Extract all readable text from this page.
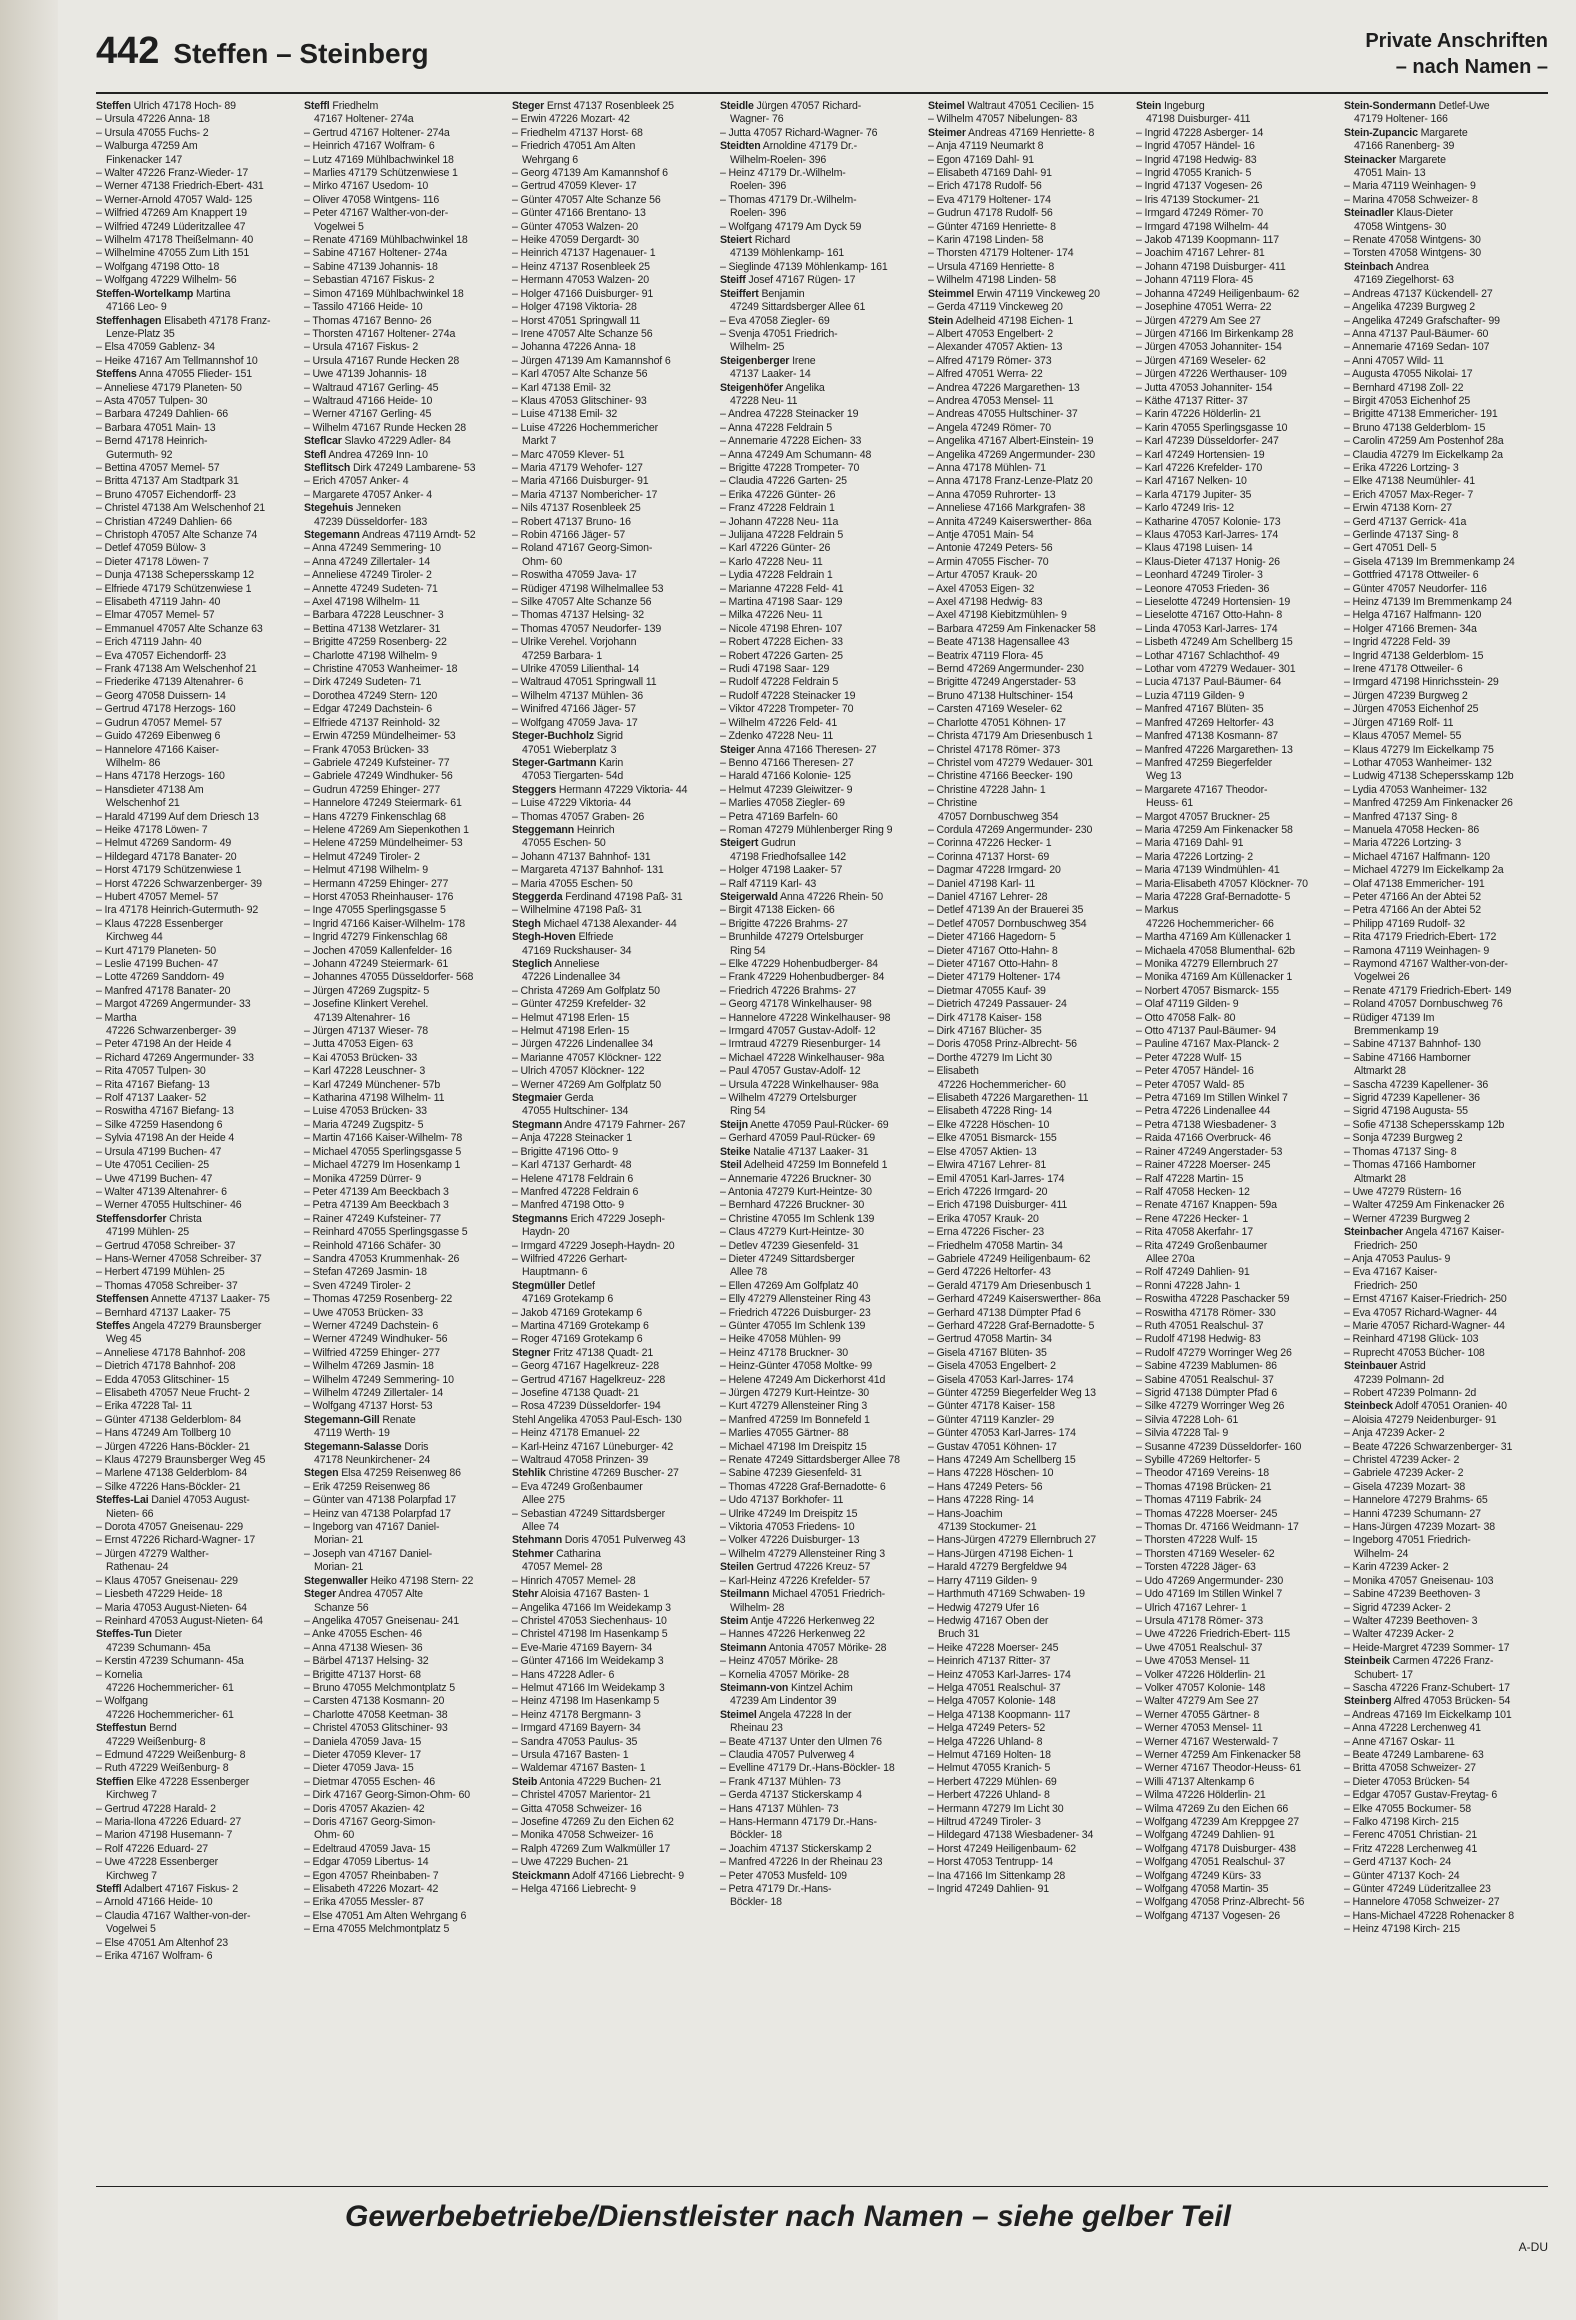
442 Steffen – Steinberg	Private Anschriften
– nach Namen –
Steffen Ulrich 47178 Hoch- 89
– Ursula 47226 Anna- 18
– Ursula 47055 Fuchs- 2
– Walburga 47259 Am
Finkenacker 147
– Walter 47226 Franz-Wieder- 17
– Werner 47138 Friedrich-Ebert- 431
– Werner-Arnold 47057 Wald- 125
– Wilfried 47269 Am Knappert 19
– Wilfried 47249 Lüderitzallee 47
– Wilhelm 47178 Theißelmann- 40
– Wilhelmine 47055 Zum Lith 151
– Wolfgang 47198 Otto- 18
– Wolfgang 47229 Wilhelm- 56
Steffen-Wortelkamp Martina
47166 Leo- 9
Steffenhagen Elisabeth 47178 Franz-
Lenze-Platz 35
– Elsa 47059 Gablenz- 34
– Heike 47167 Am Tellmannshof 10
Steffens Anna 47055 Flieder- 151
– Anneliese 47179 Planeten- 50
– Asta 47057 Tulpen- 30
– Barbara 47249 Dahlien- 66
– Barbara 47051 Main- 13
– Bernd 47178 Heinrich-
Gutermuth- 92
– Bettina 47057 Memel- 57
– Britta 47137 Am Stadtpark 31
– Bruno 47057 Eichendorff- 23
– Christel 47138 Am Welschenhof 21
– Christian 47249 Dahlien- 66
– Christoph 47057 Alte Schanze 74
– Detlef 47059 Bülow- 3
– Dieter 47178 Löwen- 7
– Dunja 47138 Schepersskamp 12
– Elfriede 47179 Schützenwiese 1
– Elisabeth 47119 Jahn- 40
– Elmar 47057 Memel- 57
– Emmanuel 47057 Alte Schanze 63
– Erich 47119 Jahn- 40
– Eva 47057 Eichendorff- 23
– Frank 47138 Am Welschenhof 21
– Friederike 47139 Altenahrer- 6
– Georg 47058 Duissern- 14
– Gertrud 47178 Herzogs- 160
– Gudrun 47057 Memel- 57
– Guido 47269 Eibenweg 6
– Hannelore 47166 Kaiser-
Wilhelm- 86
– Hans 47178 Herzogs- 160
– Hansdieter 47138 Am
Welschenhof 21
– Harald 47199 Auf dem Driesch 13
– Heike 47178 Löwen- 7
– Helmut 47269 Sandorm- 49
– Hildegard 47178 Banater- 20
– Horst 47179 Schützenwiese 1
– Horst 47226 Schwarzenberger- 39
– Hubert 47057 Memel- 57
– Ira 47178 Heinrich-Gutermuth- 92
– Klaus 47228 Essenberger
Kirchweg 44
– Kurt 47179 Planeten- 50
– Leslie 47199 Buchen- 47
– Lotte 47269 Sanddorn- 49
– Manfred 47178 Banater- 20
– Margot 47269 Angermunder- 33
– Martha
47226 Schwarzenberger- 39
– Peter 47198 An der Heide 4
– Richard 47269 Angermunder- 33
– Rita 47057 Tulpen- 30
– Rita 47167 Biefang- 13
– Rolf 47137 Laaker- 52
– Roswitha 47167 Biefang- 13
– Silke 47259 Hasendong 6
– Sylvia 47198 An der Heide 4
– Ursula 47199 Buchen- 47
– Ute 47051 Cecilien- 25
– Uwe 47199 Buchen- 47
– Walter 47139 Altenahrer- 6
– Werner 47055 Hultschiner- 46
Steffensdorfer Christa
47199 Mühlen- 25
– Gertrud 47058 Schreiber- 37
– Hans-Werner 47058 Schreiber- 37
– Herbert 47199 Mühlen- 25
– Thomas 47058 Schreiber- 37
Steffensen Annette 47137 Laaker- 75
– Bernhard 47137 Laaker- 75
Steffes Angela 47279 Braunsberger
Weg 45
– Anneliese 47178 Bahnhof- 208
– Dietrich 47178 Bahnhof- 208
– Edda 47053 Glitschiner- 15
– Elisabeth 47057 Neue Frucht- 2
– Erika 47228 Tal- 11
– Günter 47138 Gelderblom- 84
– Hans 47249 Am Tollberg 10
– Jürgen 47226 Hans-Böckler- 21
– Klaus 47279 Braunsberger Weg 45
– Marlene 47138 Gelderblom- 84
– Silke 47226 Hans-Böckler- 21
Steffes-Lai Daniel 47053 August-
Nieten- 66
– Dorota 47057 Gneisenau- 229
– Ernst 47226 Richard-Wagner- 17
– Jürgen 47279 Walther-
Rathenau- 24
– Klaus 47057 Gneisenau- 229
– Liesbeth 47229 Heide- 18
– Maria 47053 August-Nieten- 64
– Reinhard 47053 August-Nieten- 64
Steffes-Tun Dieter
47239 Schumann- 45a
– Kerstin 47239 Schumann- 45a
– Kornelia
47226 Hochemmericher- 61
– Wolfgang
47226 Hochemmericher- 61
Steffestun Bernd
47229 Weißenburg- 8
– Edmund 47229 Weißenburg- 8
– Ruth 47229 Weißenburg- 8
Steffien Elke 47228 Essenberger
Kirchweg 7
– Gertrud 47228 Harald- 2
– Maria-Ilona 47226 Eduard- 27
– Marion 47198 Husemann- 7
– Rolf 47226 Eduard- 27
– Uwe 47228 Essenberger
Kirchweg 7
Steffl Adalbert 47167 Fiskus- 2
– Arnold 47166 Heide- 10
– Claudia 47167 Walther-von-der-
Vogelwei 5
– Else 47051 Am Altenhof 23
– Erika 47167 Wolfram- 6
Steffl Friedhelm
47167 Holtener- 274a
– Gertrud 47167 Holtener- 274a
– Heinrich 47167 Wolfram- 6
– Lutz 47169 Mühlbachwinkel 18
– Marlies 47179 Schützenwiese 1
– Mirko 47167 Usedom- 10
– Oliver 47058 Wintgens- 116
– Peter 47167 Walther-von-der-
Vogelwei 5
– Renate 47169 Mühlbachwinkel 18
– Sabine 47167 Holtener- 274a
– Sabine 47139 Johannis- 18
– Sebastian 47167 Fiskus- 2
– Simon 47169 Mühlbachwinkel 18
– Tassilo 47166 Heide- 10
– Thomas 47167 Benno- 26
– Thorsten 47167 Holtener- 274a
– Ursula 47167 Fiskus- 2
– Ursula 47167 Runde Hecken 28
– Uwe 47139 Johannis- 18
– Waltraud 47167 Gerling- 45
– Waltraud 47166 Heide- 10
– Werner 47167 Gerling- 45
– Wilhelm 47167 Runde Hecken 28
Steflcar Slavko 47229 Adler- 84
Stefl Andrea 47269 Inn- 10
Steflitsch Dirk 47249 Lambarene- 53
– Erich 47057 Anker- 4
– Margarete 47057 Anker- 4
Stegehuis Jenneken
47239 Düsseldorfer- 183
Stegemann Andreas 47119 Arndt- 52
– Anna 47249 Semmering- 10
– Anna 47249 Zillertaler- 14
– Anneliese 47249 Tiroler- 2
– Annette 47249 Sudeten- 71
– Axel 47198 Wilhelm- 11
– Barbara 47228 Leuschner- 3
– Bettina 47138 Wetzlarer- 31
– Brigitte 47259 Rosenberg- 22
– Charlotte 47198 Wilhelm- 9
– Christine 47053 Wanheimer- 18
– Dirk 47249 Sudeten- 71
– Dorothea 47249 Stern- 120
– Edgar 47249 Dachstein- 6
– Elfriede 47137 Reinhold- 32
– Erwin 47259 Mündelheimer- 53
– Frank 47053 Brücken- 33
– Gabriele 47249 Kufsteiner- 77
– Gabriele 47249 Windhuker- 56
– Gudrun 47259 Ehinger- 277
– Hannelore 47249 Steiermark- 61
– Hans 47279 Finkenschlag 68
– Helene 47269 Am Siepenkothen 1
– Helene 47259 Mündelheimer- 53
– Helmut 47249 Tiroler- 2
– Helmut 47198 Wilhelm- 9
– Hermann 47259 Ehinger- 277
– Horst 47053 Rheinhauser- 176
– Inge 47055 Sperlingsgasse 5
– Ingrid 47166 Kaiser-Wilhelm- 178
– Ingrid 47279 Finkenschlag 68
– Jochen 47059 Kallenfelder- 16
– Johann 47249 Steiermark- 61
– Johannes 47055 Düsseldorfer- 568
– Jürgen 47269 Zugspitz- 5
– Josefine Klinkert Verehel.
47139 Altenahrer- 16
– Jürgen 47137 Wieser- 78
– Jutta 47053 Eigen- 63
– Kai 47053 Brücken- 33
– Karl 47228 Leuschner- 3
– Karl 47249 Münchener- 57b
– Katharina 47198 Wilhelm- 11
– Luise 47053 Brücken- 33
– Maria 47249 Zugspitz- 5
– Martin 47166 Kaiser-Wilhelm- 78
– Michael 47055 Sperlingsgasse 5
– Michael 47279 Im Hosenkamp 1
– Monika 47259 Dürrer- 9
– Peter 47139 Am Beeckbach 3
– Petra 47139 Am Beeckbach 3
– Rainer 47249 Kufsteiner- 77
– Reinhard 47055 Sperlingsgasse 5
– Reinhold 47166 Schäfer- 30
– Sandra 47053 Krummenhak- 26
– Stefan 47269 Jasmin- 18
– Sven 47249 Tiroler- 2
– Thomas 47259 Rosenberg- 22
– Uwe 47053 Brücken- 33
– Werner 47249 Dachstein- 6
– Werner 47249 Windhuker- 56
– Wilfried 47259 Ehinger- 277
– Wilhelm 47269 Jasmin- 18
– Wilhelm 47249 Semmering- 10
– Wilhelm 47249 Zillertaler- 14
– Wolfgang 47137 Horst- 53
Stegemann-Gill Renate
47119 Werth- 19
Stegemann-Salasse Doris
47178 Neunkirchener- 24
Stegen Elsa 47259 Reisenweg 86
– Erik 47259 Reisenweg 86
– Günter van 47138 Polarpfad 17
– Heinz van 47138 Polarpfad 17
– Ingeborg van 47167 Daniel-
Morian- 21
– Joseph van 47167 Daniel-
Morian- 21
Stegenwaller Heiko 47198 Stern- 22
Steger Andrea 47057 Alte
Schanze 56
– Angelika 47057 Gneisenau- 241
– Anke 47055 Eschen- 46
– Anna 47138 Wiesen- 36
– Bärbel 47137 Helsing- 32
– Brigitte 47137 Horst- 68
– Bruno 47055 Melchmontplatz 5
– Carsten 47138 Kosmann- 20
– Charlotte 47058 Keetman- 38
– Christel 47053 Glitschiner- 93
– Daniela 47059 Java- 15
– Dieter 47059 Klever- 17
– Dieter 47059 Java- 15
– Dietmar 47055 Eschen- 46
– Dirk 47167 Georg-Simon-Ohm- 60
– Doris 47057 Akazien- 42
– Doris 47167 Georg-Simon-
Ohm- 60
– Edeltraud 47059 Java- 15
– Edgar 47059 Libertus- 14
– Egon 47057 Rheinbaben- 7
– Elisabeth 47226 Mozart- 42
– Erika 47055 Messler- 87
– Else 47051 Am Alten Wehrgang 6
– Erna 47055 Melchmontplatz 5
Steger Ernst 47137 Rosenbleek 25
– Erwin 47226 Mozart- 42
– Friedhelm 47137 Horst- 68
– Friedrich 47051 Am Alten
Wehrgang 6
– Georg 47139 Am Kamannshof 6
– Gertrud 47059 Klever- 17
– Günter 47057 Alte Schanze 56
– Günter 47166 Brentano- 13
– Günter 47053 Walzen- 20
– Heike 47059 Dergardt- 30
– Heinrich 47137 Hagenauer- 1
– Heinz 47137 Rosenbleek 25
– Hermann 47053 Walzen- 20
– Holger 47166 Duisburger- 91
– Holger 47198 Viktoria- 28
– Horst 47051 Springwall 11
– Irene 47057 Alte Schanze 56
– Johanna 47226 Anna- 18
– Jürgen 47139 Am Kamannshof 6
– Karl 47057 Alte Schanze 56
– Karl 47138 Emil- 32
– Klaus 47053 Glitschiner- 93
– Luise 47138 Emil- 32
– Luise 47226 Hochemmericher
Markt 7
– Marc 47059 Klever- 51
– Maria 47179 Wehofer- 127
– Maria 47166 Duisburger- 91
– Maria 47137 Nombericher- 17
– Nils 47137 Rosenbleek 25
– Robert 47137 Bruno- 16
– Robin 47166 Jäger- 57
– Roland 47167 Georg-Simon-
Ohm- 60
– Roswitha 47059 Java- 17
– Rüdiger 47198 Wilhelmallee 53
– Silke 47057 Alte Schanze 56
– Thomas 47137 Helsing- 32
– Thomas 47057 Neudorfer- 139
– Ulrike Verehel. Vorjohann
47259 Barbara- 1
– Ulrike 47059 Lilienthal- 14
– Waltraud 47051 Springwall 11
– Wilhelm 47137 Mühlen- 36
– Winifred 47166 Jäger- 57
– Wolfgang 47059 Java- 17
Steger-Buchholz Sigrid
47051 Wieberplatz 3
Steger-Gartmann Karin
47053 Tiergarten- 54d
Steggers Hermann 47229 Viktoria- 44
– Luise 47229 Viktoria- 44
– Thomas 47057 Graben- 26
Steggemann Heinrich
47055 Eschen- 50
– Johann 47137 Bahnhof- 131
– Margareta 47137 Bahnhof- 131
– Maria 47055 Eschen- 50
Steggerda Ferdinand 47198 Paß- 31
– Wilhelmine 47198 Paß- 31
Stegh Michael 47138 Alexander- 44
Stegh-Hoven Elfriede
47169 Ruckshauser- 34
Steglich Anneliese
47226 Lindenallee 34
– Christa 47269 Am Golfplatz 50
– Günter 47259 Krefelder- 32
– Helmut 47198 Erlen- 15
– Helmut 47198 Erlen- 15
– Jürgen 47226 Lindenallee 34
– Marianne 47057 Klöckner- 122
– Ulrich 47057 Klöckner- 122
– Werner 47269 Am Golfplatz 50
Stegmaier Gerda
47055 Hultschiner- 134
Stegmann Andre 47179 Fahrner- 267
– Anja 47228 Steinacker 1
– Brigitte 47196 Otto- 9
– Karl 47137 Gerhardt- 48
– Helene 47178 Feldrain 6
– Manfred 47228 Feldrain 6
– Manfred 47198 Otto- 9
Stegmanns Erich 47229 Joseph-
Haydn- 20
– Irmgard 47229 Joseph-Haydn- 20
– Wilfried 47226 Gerhart-
Hauptmann- 6
Stegmüller Detlef
47169 Grotekamp 6
– Jakob 47169 Grotekamp 6
– Martina 47169 Grotekamp 6
– Roger 47169 Grotekamp 6
Stegner Fritz 47138 Quadt- 21
– Georg 47167 Hagelkreuz- 228
– Gertrud 47167 Hagelkreuz- 228
– Josefine 47138 Quadt- 21
– Rosa 47239 Düsseldorfer- 194
Stehl Angelika 47053 Paul-Esch- 130
– Heinz 47178 Emanuel- 22
– Karl-Heinz 47167 Lüneburger- 42
– Waltraud 47058 Prinzen- 39
Stehlik Christine 47269 Buscher- 27
– Eva 47249 Großenbaumer
Allee 275
– Sebastian 47249 Sittardsberger
Allee 74
Stehmann Doris 47051 Pulverweg 43
Stehmer Catharina
47057 Memel- 28
– Hinrich 47057 Memel- 28
Stehr Aloisia 47167 Basten- 1
– Angelika 47166 Im Weidekamp 3
– Christel 47053 Siechenhaus- 10
– Christel 47198 Im Hasenkamp 5
– Eve-Marie 47169 Bayern- 34
– Günter 47166 Im Weidekamp 3
– Hans 47228 Adler- 6
– Helmut 47166 Im Weidekamp 3
– Heinz 47198 Im Hasenkamp 5
– Heinz 47178 Bergmann- 3
– Irmgard 47169 Bayern- 34
– Sandra 47053 Paulus- 35
– Ursula 47167 Basten- 1
– Waldemar 47167 Basten- 1
Steib Antonia 47229 Buchen- 21
– Christel 47057 Marientor- 21
– Gitta 47058 Schweizer- 16
– Josefine 47269 Zu den Eichen 62
– Monika 47058 Schweizer- 16
– Ralph 47269 Zum Walkmüller 17
– Uwe 47229 Buchen- 21
Steickmann Adolf 47166 Liebrecht- 9
– Helga 47166 Liebrecht- 9
Steidle Jürgen 47057 Richard-
Wagner- 76
– Jutta 47057 Richard-Wagner- 76
Steidten Arnoldine 47179 Dr.-
Wilhelm-Roelen- 396
– Heinz 47179 Dr.-Wilhelm-
Roelen- 396
– Thomas 47179 Dr.-Wilhelm-
Roelen- 396
– Wolfgang 47179 Am Dyck 59
Steiert Richard
47139 Möhlenkamp- 161
– Sieglinde 47139 Möhlenkamp- 161
Steiff Josef 47167 Rügen- 17
Steiffert Benjamin
47249 Sittardsberger Allee 61
– Eva 47058 Ziegler- 69
– Svenja 47051 Friedrich-
Wilhelm- 25
Steigenberger Irene
47137 Laaker- 14
Steigenhöfer Angelika
47228 Neu- 11
– Andrea 47228 Steinacker 19
– Anna 47228 Feldrain 5
– Annemarie 47228 Eichen- 33
– Anna 47249 Am Schumann- 48
– Brigitte 47228 Trompeter- 70
– Claudia 47226 Garten- 25
– Erika 47226 Günter- 26
– Franz 47228 Feldrain 1
– Johann 47228 Neu- 11a
– Julijana 47228 Feldrain 5
– Karl 47226 Günter- 26
– Karlo 47228 Neu- 11
– Lydia 47228 Feldrain 1
– Marianne 47228 Feld- 41
– Martina 47198 Saar- 129
– Milka 47226 Neu- 11
– Nicole 47198 Ehren- 107
– Robert 47228 Eichen- 33
– Robert 47226 Garten- 25
– Rudi 47198 Saar- 129
– Rudolf 47228 Feldrain 5
– Rudolf 47228 Steinacker 19
– Viktor 47228 Trompeter- 70
– Wilhelm 47226 Feld- 41
– Zdenko 47228 Neu- 11
Steiger Anna 47166 Theresen- 27
– Benno 47166 Theresen- 27
– Harald 47166 Kolonie- 125
– Helmut 47239 Gleiwitzer- 9
– Marlies 47058 Ziegler- 69
– Petra 47169 Barfeln- 60
– Roman 47279 Mühlenberger Ring 9
Steigert Gudrun
47198 Friedhofsallee 142
– Holger 47198 Laaker- 57
– Ralf 47119 Karl- 43
Steigerwald Anna 47226 Rhein- 50
– Birgit 47138 Eicken- 66
– Brigitte 47226 Brahms- 27
– Brunhilde 47279 Ortelsburger
Ring 54
– Elke 47229 Hohenbudberger- 84
– Frank 47229 Hohenbudberger- 84
– Friedrich 47226 Brahms- 27
– Georg 47178 Winkelhauser- 98
– Hannelore 47228 Winkelhauser- 98
– Irmgard 47057 Gustav-Adolf- 12
– Irmtraud 47279 Riesenburger- 14
– Michael 47228 Winkelhauser- 98a
– Paul 47057 Gustav-Adolf- 12
– Ursula 47228 Winkelhauser- 98a
– Wilhelm 47279 Ortelsburger
Ring 54
Steijn Anette 47059 Paul-Rücker- 69
– Gerhard 47059 Paul-Rücker- 69
Steike Natalie 47137 Laaker- 31
Steil Adelheid 47259 Im Bonnefeld 1
– Annemarie 47226 Bruckner- 30
– Antonia 47279 Kurt-Heintze- 30
– Bernhard 47226 Bruckner- 30
– Christine 47055 Im Schlenk 139
– Claus 47279 Kurt-Heintze- 30
– Detlev 47239 Giesenfeld- 31
– Dieter 47249 Sittardsberger
Allee 78
– Ellen 47269 Am Golfplatz 40
– Elly 47279 Allensteiner Ring 43
– Friedrich 47226 Duisburger- 23
– Günter 47055 Im Schlenk 139
– Heike 47058 Mühlen- 99
– Heinz 47178 Bruckner- 30
– Heinz-Günter 47058 Moltke- 99
– Helene 47249 Am Dickerhorst 41d
– Jürgen 47279 Kurt-Heintze- 30
– Kurt 47279 Allensteiner Ring 3
– Manfred 47259 Im Bonnefeld 1
– Marlies 47055 Gärtner- 88
– Michael 47198 Im Dreispitz 15
– Renate 47249 Sittardsberger Allee 78
– Sabine 47239 Giesenfeld- 31
– Thomas 47228 Graf-Bernadotte- 6
– Udo 47137 Borkhofer- 11
– Ulrike 47249 Im Dreispitz 15
– Viktoria 47053 Friedens- 10
– Volker 47226 Duisburger- 13
– Wilhelm 47279 Allensteiner Ring 3
Steilen Gertrud 47226 Kreuz- 57
– Karl-Heinz 47226 Krefelder- 57
Steilmann Michael 47051 Friedrich-
Wilhelm- 28
Steim Antje 47226 Herkenweg 22
– Hannes 47226 Herkenweg 22
Steimann Antonia 47057 Mörike- 28
– Heinz 47057 Mörike- 28
– Kornelia 47057 Mörike- 28
Steimann-von Kintzel Achim
47239 Am Lindentor 39
Steimel Angela 47228 In der
Rheinau 23
– Beate 47137 Unter den Ulmen 76
– Claudia 47057 Pulverweg 4
– Evelline 47179 Dr.-Hans-Böckler- 18
– Frank 47137 Mühlen- 73
– Gerda 47137 Stickerskamp 4
– Hans 47137 Mühlen- 73
– Hans-Hermann 47179 Dr.-Hans-
Böckler- 18
– Joachim 47137 Stickerskamp 2
– Manfred 47226 In der Rheinau 23
– Peter 47053 Musfeld- 109
– Petra 47179 Dr.-Hans-
Böckler- 18
Steimel Waltraut 47051 Cecilien- 15
– Wilhelm 47057 Nibelungen- 83
Steimer Andreas 47169 Henriette- 8
– Anja 47119 Neumarkt 8
– Egon 47169 Dahl- 91
– Elisabeth 47169 Dahl- 91
– Erich 47178 Rudolf- 56
– Eva 47179 Holtener- 174
– Gudrun 47178 Rudolf- 56
– Günter 47169 Henriette- 8
– Karin 47198 Linden- 58
– Thorsten 47179 Holtener- 174
– Ursula 47169 Henriette- 8
– Wilhelm 47198 Linden- 58
Steimmel Erwin 47119 Vinckeweg 20
– Gerda 47119 Vinckeweg 20
Stein Adelheid 47198 Eichen- 1
– Albert 47053 Engelbert- 2
– Alexander 47057 Aktien- 13
– Alfred 47179 Römer- 373
– Alfred 47051 Werra- 22
– Andrea 47226 Margarethen- 13
– Andrea 47053 Mensel- 11
– Andreas 47055 Hultschiner- 37
– Angela 47249 Römer- 70
– Angelika 47167 Albert-Einstein- 19
– Angelika 47269 Angermunder- 230
– Anna 47178 Mühlen- 71
– Anna 47178 Franz-Lenze-Platz 20
– Anna 47059 Ruhrorter- 13
– Anneliese 47166 Markgrafen- 38
– Annita 47249 Kaiserswerther- 86a
– Antje 47051 Main- 54
– Antonie 47249 Peters- 56
– Armin 47055 Fischer- 70
– Artur 47057 Krauk- 20
– Axel 47053 Eigen- 32
– Axel 47198 Hedwig- 83
– Axel 47198 Kiebitzmühlen- 9
– Barbara 47259 Am Finkenacker 58
– Beate 47138 Hagensallee 43
– Beatrix 47119 Flora- 45
– Bernd 47269 Angermunder- 230
– Brigitte 47249 Angerstader- 53
– Bruno 47138 Hultschiner- 154
– Carsten 47169 Weseler- 62
– Charlotte 47051 Köhnen- 17
– Christa 47179 Am Driesenbusch 1
– Christel 47178 Römer- 373
– Christel vom 47279 Wedauer- 301
– Christine 47166 Beecker- 190
– Christine 47228 Jahn- 1
– Christine
47057 Dornbuschweg 354
– Cordula 47269 Angermunder- 230
– Corinna 47226 Hecker- 1
– Corinna 47137 Horst- 69
– Dagmar 47228 Irmgard- 20
– Daniel 47198 Karl- 11
– Daniel 47167 Lehrer- 28
– Detlef 47139 An der Brauerei 35
– Detlef 47057 Dornbuschweg 354
– Dieter 47166 Hagedorn- 5
– Dieter 47167 Otto-Hahn- 8
– Dieter 47167 Otto-Hahn- 8
– Dieter 47179 Holtener- 174
– Dietmar 47055 Kauf- 39
– Dietrich 47249 Passauer- 24
– Dirk 47178 Kaiser- 158
– Dirk 47167 Blücher- 35
– Doris 47058 Prinz-Albrecht- 56
– Dorthe 47279 Im Licht 30
– Elisabeth
47226 Hochemmericher- 60
– Elisabeth 47226 Margarethen- 11
– Elisabeth 47228 Ring- 14
– Elke 47228 Höschen- 10
– Elke 47051 Bismarck- 155
– Else 47057 Aktien- 13
– Elwira 47167 Lehrer- 81
– Emil 47051 Karl-Jarres- 174
– Erich 47226 Irmgard- 20
– Erich 47198 Duisburger- 411
– Erika 47057 Krauk- 20
– Erna 47226 Fischer- 23
– Friedhelm 47058 Martin- 34
– Gabriele 47249 Heiligenbaum- 62
– Gerd 47226 Heltorfer- 43
– Gerald 47179 Am Driesenbusch 1
– Gerhard 47249 Kaiserswerther- 86a
– Gerhard 47138 Dümpter Pfad 6
– Gerhard 47228 Graf-Bernadotte- 5
– Gertrud 47058 Martin- 34
– Gisela 47167 Blüten- 35
– Gisela 47053 Engelbert- 2
– Gisela 47053 Karl-Jarres- 174
– Günter 47259 Biegerfelder Weg 13
– Günter 47178 Kaiser- 158
– Günter 47119 Kanzler- 29
– Günter 47053 Karl-Jarres- 174
– Gustav 47051 Köhnen- 17
– Hans 47249 Am Schellberg 15
– Hans 47228 Höschen- 10
– Hans 47249 Peters- 56
– Hans 47228 Ring- 14
– Hans-Joachim
47139 Stockumer- 21
– Hans-Jürgen 47279 Ellernbruch 27
– Hans-Jürgen 47198 Eichen- 1
– Harald 47279 Bergfeldwe 94
– Harry 47119 Gilden- 9
– Harthmuth 47169 Schwaben- 19
– Hedwig 47279 Ufer 16
– Hedwig 47167 Oben der
Bruch 31
– Heike 47228 Moerser- 245
– Heinrich 47137 Ritter- 37
– Heinz 47053 Karl-Jarres- 174
– Helga 47051 Realschul- 37
– Helga 47057 Kolonie- 148
– Helga 47138 Koopmann- 117
– Helga 47249 Peters- 52
– Helga 47226 Uhland- 8
– Helmut 47169 Holten- 18
– Helmut 47055 Kranich- 5
– Herbert 47229 Mühlen- 69
– Herbert 47226 Uhland- 8
– Hermann 47279 Im Licht 30
– Hiltrud 47249 Tiroler- 3
– Hildegard 47138 Wiesbadener- 34
– Horst 47249 Heiligenbaum- 62
– Horst 47053 Tentrupp- 14
– Ina 47166 Im Sittenkamp 28
– Ingrid 47249 Dahlien- 91
Stein Ingeburg
47198 Duisburger- 411
– Ingrid 47228 Asberger- 14
– Ingrid 47057 Händel- 16
– Ingrid 47198 Hedwig- 83
– Ingrid 47055 Kranich- 5
– Ingrid 47137 Vogesen- 26
– Iris 47139 Stockumer- 21
– Irmgard 47249 Römer- 70
– Irmgard 47198 Wilhelm- 44
– Jakob 47139 Koopmann- 117
– Joachim 47167 Lehrer- 81
– Johann 47198 Duisburger- 411
– Johann 47119 Flora- 45
– Johanna 47249 Heiligenbaum- 62
– Josephine 47051 Werra- 22
– Jürgen 47279 Am See 27
– Jürgen 47166 Im Birkenkamp 28
– Jürgen 47053 Johanniter- 154
– Jürgen 47169 Weseler- 62
– Jürgen 47226 Werthauser- 109
– Jutta 47053 Johanniter- 154
– Käthe 47137 Ritter- 37
– Karin 47226 Hölderlin- 21
– Karin 47055 Sperlingsgasse 10
– Karl 47239 Düsseldorfer- 247
– Karl 47249 Hortensien- 19
– Karl 47226 Krefelder- 170
– Karl 47167 Nelken- 10
– Karla 47179 Jupiter- 35
– Karlo 47249 Iris- 12
– Katharine 47057 Kolonie- 173
– Klaus 47053 Karl-Jarres- 174
– Klaus 47198 Luisen- 14
– Klaus-Dieter 47137 Honig- 26
– Leonhard 47249 Tiroler- 3
– Leonore 47053 Frieden- 36
– Lieselotte 47249 Hortensien- 19
– Lieselotte 47167 Otto-Hahn- 8
– Linda 47053 Karl-Jarres- 174
– Lisbeth 47249 Am Schellberg 15
– Lothar 47167 Schlachthof- 49
– Lothar vom 47279 Wedauer- 301
– Lucia 47137 Paul-Bäumer- 64
– Luzia 47119 Gilden- 9
– Manfred 47167 Blüten- 35
– Manfred 47269 Heltorfer- 43
– Manfred 47138 Kosmann- 87
– Manfred 47226 Margarethen- 13
– Manfred 47259 Biegerfelder
Weg 13
– Margarete 47167 Theodor-
Heuss- 61
– Margot 47057 Bruckner- 25
– Maria 47259 Am Finkenacker 58
– Maria 47169 Dahl- 91
– Maria 47226 Lortzing- 2
– Maria 47139 Windmühlen- 41
– Maria-Elisabeth 47057 Klöckner- 70
– Maria 47228 Graf-Bernadotte- 5
– Markus
47226 Hochemmericher- 66
– Martha 47169 Am Küllenacker 1
– Michaela 47058 Blumenthal- 62b
– Monika 47279 Ellernbruch 27
– Monika 47169 Am Küllenacker 1
– Norbert 47057 Bismarck- 155
– Olaf 47119 Gilden- 9
– Otto 47058 Falk- 80
– Otto 47137 Paul-Bäumer- 94
– Pauline 47167 Max-Planck- 2
– Peter 47228 Wulf- 15
– Peter 47057 Händel- 16
– Peter 47057 Wald- 85
– Petra 47169 Im Stillen Winkel 7
– Petra 47226 Lindenallee 44
– Petra 47138 Wiesbadener- 3
– Raida 47166 Overbruck- 46
– Rainer 47249 Angerstader- 53
– Rainer 47228 Moerser- 245
– Ralf 47228 Martin- 15
– Ralf 47058 Hecken- 12
– Renate 47167 Knappen- 59a
– Rene 47226 Hecker- 1
– Rita 47058 Akerfahr- 17
– Rita 47249 Großenbaumer
Allee 270a
– Rolf 47249 Dahlien- 91
– Ronni 47228 Jahn- 1
– Roswitha 47228 Paschacker 59
– Roswitha 47178 Römer- 330
– Ruth 47051 Realschul- 37
– Rudolf 47198 Hedwig- 83
– Rudolf 47279 Worringer Weg 26
– Sabine 47239 Mablumen- 86
– Sabine 47051 Realschul- 37
– Sigrid 47138 Dümpter Pfad 6
– Silke 47279 Worringer Weg 26
– Silvia 47228 Loh- 61
– Silvia 47228 Tal- 9
– Susanne 47239 Düsseldorfer- 160
– Sybille 47269 Heltorfer- 5
– Theodor 47169 Vereins- 18
– Thomas 47198 Brücken- 21
– Thomas 47119 Fabrik- 24
– Thomas 47228 Moerser- 245
– Thomas Dr. 47166 Weidmann- 17
– Thorsten 47228 Wulf- 15
– Thorsten 47169 Weseler- 62
– Torsten 47228 Jäger- 63
– Udo 47269 Angermunder- 230
– Udo 47169 Im Stillen Winkel 7
– Ulrich 47167 Lehrer- 1
– Ursula 47178 Römer- 373
– Uwe 47226 Friedrich-Ebert- 115
– Uwe 47051 Realschul- 37
– Uwe 47053 Mensel- 11
– Volker 47226 Hölderlin- 21
– Volker 47057 Kolonie- 148
– Walter 47279 Am See 27
– Werner 47055 Gärtner- 8
– Werner 47053 Mensel- 11
– Werner 47167 Westerwald- 7
– Werner 47259 Am Finkenacker 58
– Werner 47167 Theodor-Heuss- 61
– Willi 47137 Altenkamp 6
– Wilma 47226 Hölderlin- 21
– Wilma 47269 Zu den Eichen 66
– Wolfgang 47239 Am Kreppgee 27
– Wolfgang 47249 Dahlien- 91
– Wolfgang 47178 Duisburger- 438
– Wolfgang 47051 Realschul- 37
– Wolfgang 47249 Kürs- 33
– Wolfgang 47058 Martin- 35
– Wolfgang 47058 Prinz-Albrecht- 56
– Wolfgang 47137 Vogesen- 26
Stein-Sondermann Detlef-Uwe
47179 Holtener- 166
Stein-Zupancic Margarete
47166 Ranenberg- 39
Steinacker Margarete
47051 Main- 13
– Maria 47119 Weinhagen- 9
– Marina 47058 Schweizer- 8
Steinadler Klaus-Dieter
47058 Wintgens- 30
– Renate 47058 Wintgens- 30
– Torsten 47058 Wintgens- 30
Steinbach Andrea
47169 Ziegelhorst- 63
– Andreas 47137 Kückendell- 27
– Angelika 47239 Burgweg 2
– Angelika 47249 Grafschafter- 99
– Anna 47137 Paul-Bäumer- 60
– Annemarie 47169 Sedan- 107
– Anni 47057 Wild- 11
– Augusta 47055 Nikolai- 17
– Bernhard 47198 Zoll- 22
– Birgit 47053 Eichenhof 25
– Brigitte 47138 Emmericher- 191
– Bruno 47138 Gelderblom- 15
– Carolin 47259 Am Postenhof 28a
– Claudia 47279 Im Eickelkamp 2a
– Erika 47226 Lortzing- 3
– Elke 47138 Neumühler- 41
– Erich 47057 Max-Reger- 7
– Erwin 47138 Korn- 27
– Gerd 47137 Gerrick- 41a
– Gerlinde 47137 Sing- 8
– Gert 47051 Dell- 5
– Gisela 47139 Im Bremmenkamp 24
– Gottfried 47178 Ottweiler- 6
– Günter 47057 Neudorfer- 116
– Heinz 47139 Im Bremmenkamp 24
– Helga 47167 Halfmann- 120
– Holger 47166 Bremen- 34a
– Ingrid 47228 Feld- 39
– Ingrid 47138 Gelderblom- 15
– Irene 47178 Ottweiler- 6
– Irmgard 47198 Hinrichsstein- 29
– Jürgen 47239 Burgweg 2
– Jürgen 47053 Eichenhof 25
– Jürgen 47169 Rolf- 11
– Klaus 47057 Memel- 55
– Klaus 47279 Im Eickelkamp 75
– Lothar 47053 Wanheimer- 132
– Ludwig 47138 Schepersskamp 12b
– Lydia 47053 Wanheimer- 132
– Manfred 47259 Am Finkenacker 26
– Manfred 47137 Sing- 8
– Manuela 47058 Hecken- 86
– Maria 47226 Lortzing- 3
– Michael 47167 Halfmann- 120
– Michael 47279 Im Eickelkamp 2a
– Olaf 47138 Emmericher- 191
– Peter 47166 An der Abtei 52
– Petra 47166 An der Abtei 52
– Philipp 47169 Rudolf- 32
– Rita 47179 Friedrich-Ebert- 172
– Ramona 47119 Weinhagen- 9
– Raymond 47167 Walther-von-der-
Vogelwei 26
– Renate 47179 Friedrich-Ebert- 149
– Roland 47057 Dornbuschweg 76
– Rüdiger 47139 Im
Bremmenkamp 19
– Sabine 47137 Bahnhof- 130
– Sabine 47166 Hamborner
Altmarkt 28
– Sascha 47239 Kapellener- 36
– Sigrid 47239 Kapellener- 36
– Sigrid 47198 Augusta- 55
– Sofie 47138 Schepersskamp 12b
– Sonja 47239 Burgweg 2
– Thomas 47137 Sing- 8
– Thomas 47166 Hamborner
Altmarkt 28
– Uwe 47279 Rüstern- 16
– Walter 47259 Am Finkenacker 26
– Werner 47239 Burgweg 2
Steinbacher Angela 47167 Kaiser-
Friedrich- 250
– Anja 47053 Paulus- 9
– Eva 47167 Kaiser-
Friedrich- 250
– Ernst 47167 Kaiser-Friedrich- 250
– Eva 47057 Richard-Wagner- 44
– Marie 47057 Richard-Wagner- 44
– Reinhard 47198 Glück- 103
– Ruprecht 47053 Bücher- 108
Steinbauer Astrid
47239 Polmann- 2d
– Robert 47239 Polmann- 2d
Steinbeck Adolf 47051 Oranien- 40
– Aloisia 47279 Neidenburger- 91
– Anja 47239 Acker- 2
– Beate 47226 Schwarzenberger- 31
– Christel 47239 Acker- 2
– Gabriele 47239 Acker- 2
– Gisela 47239 Mozart- 38
– Hannelore 47279 Brahms- 65
– Hanni 47239 Schumann- 27
– Hans-Jürgen 47239 Mozart- 38
– Ingeborg 47051 Friedrich-
Wilhelm- 24
– Karin 47239 Acker- 2
– Monika 47057 Gneisenau- 103
– Sabine 47239 Beethoven- 3
– Sigrid 47239 Acker- 2
– Walter 47239 Beethoven- 3
– Walter 47239 Acker- 2
– Heide-Margret 47239 Sommer- 17
Steinbeik Carmen 47226 Franz-
Schubert- 17
– Sascha 47226 Franz-Schubert- 17
Steinberg Alfred 47053 Brücken- 54
– Andreas 47169 Im Eickelkamp 101
– Anna 47228 Lerchenweg 41
– Anne 47167 Oskar- 11
– Beate 47249 Lambarene- 63
– Britta 47058 Schweizer- 27
– Dieter 47053 Brücken- 54
– Edgar 47057 Gustav-Freytag- 6
– Elke 47055 Bockumer- 58
– Falko 47198 Kirch- 215
– Ferenc 47051 Christian- 21
– Fritz 47228 Lerchenweg 41
– Gerd 47137 Koch- 24
– Günter 47137 Koch- 24
– Günter 47249 Lüderitzallee 23
– Hannelore 47058 Schweizer- 27
– Hans-Michael 47228 Rohenacker 8
– Heinz 47198 Kirch- 215
Gewerbebetriebe/Dienstleister nach Namen – siehe gelber Teil
A-DU
